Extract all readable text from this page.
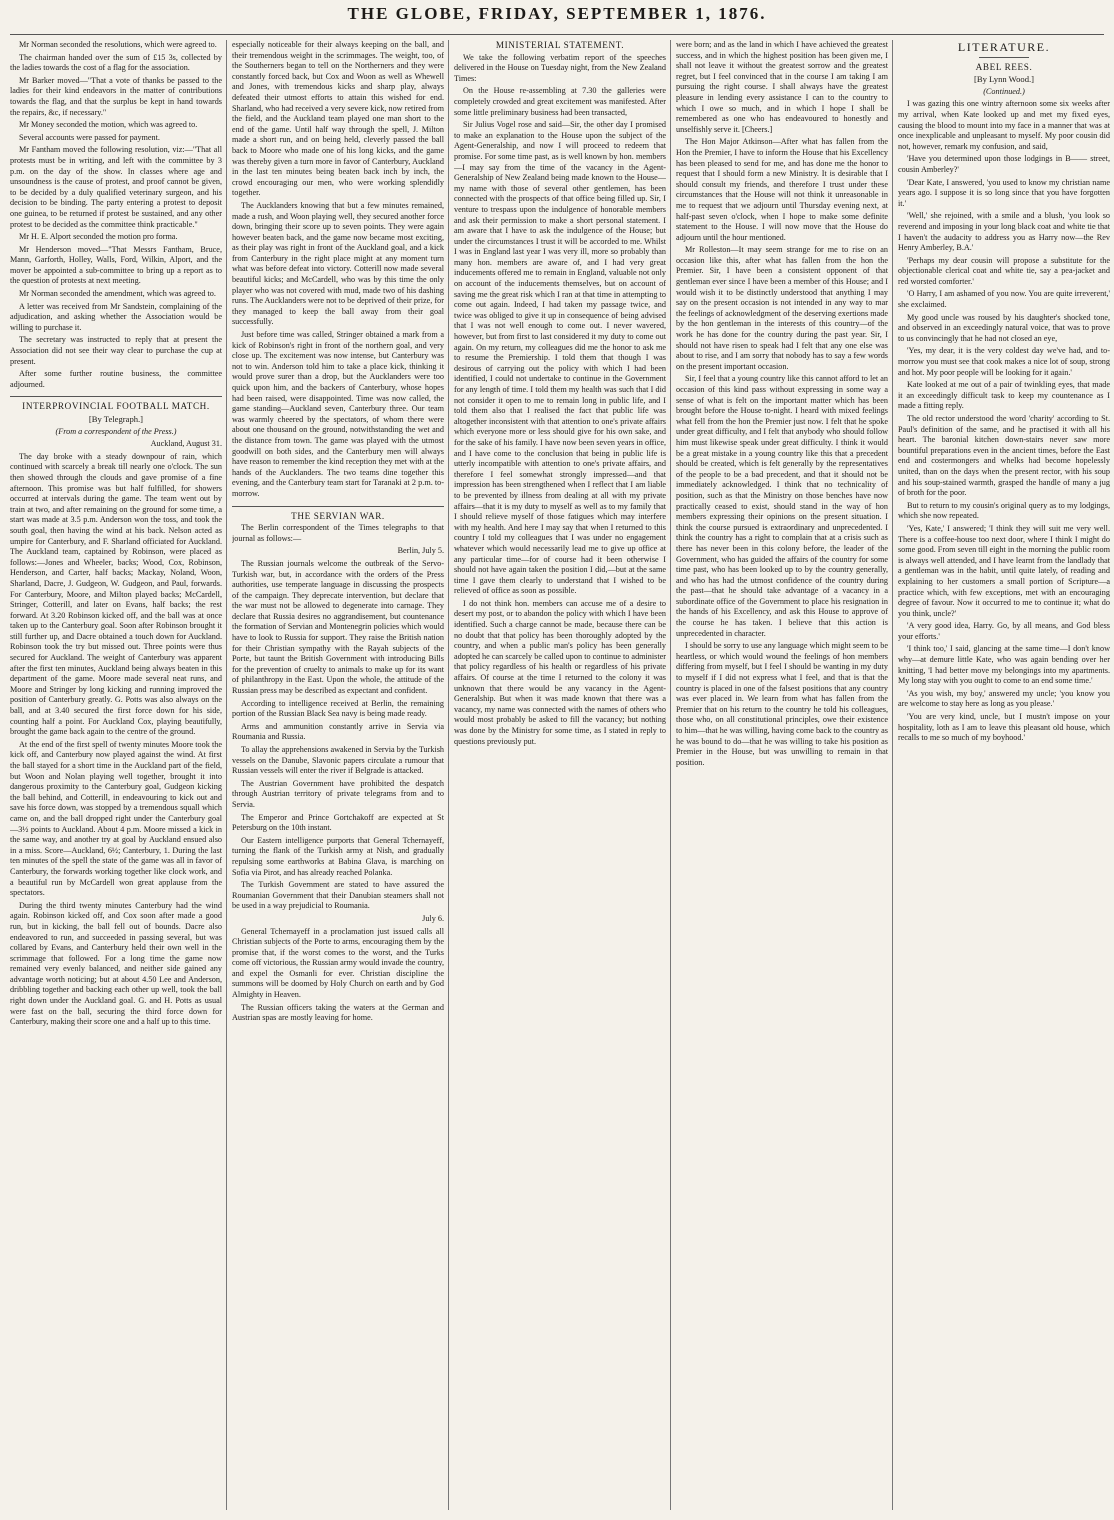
THE GLOBE, FRIDAY, SEPTEMBER 1, 1876.

Mr Norman seconded the resolutions, which were agreed to.

The chairman handed over the sum of £15 3s, collected by the ladies towards the cost of a flag for the association.

Mr Barker moved—"That a vote of thanks be passed to the ladies for their kind endeavors in the matter of contributions towards the flag, and that the surplus be kept in hand towards the repairs, &c, if necessary."

Mr Money seconded the motion, which was agreed to.

Several accounts were passed for payment.

Mr Fantham moved the following resolution, viz:—"That all protests must be in writing, and left with the committee by 3 p.m. on the day of the show. In classes where age and unsoundness is the cause of protest, and proof cannot be given, to be decided by a duly qualified veterinary surgeon, and his decision to be binding. The party entering a protest to deposit one guinea, to be returned if protest be sustained, and any other protest to be decided as the committee think practicable."

Mr H. E. Alport seconded the motion pro forma.

Mr Henderson moved—"That Messrs Fantham, Bruce, Mann, Garforth, Holley, Walls, Ford, Wilkin, Alport, and the mover be appointed a sub-committee to bring up a report as to the question of protests at next meeting.

Mr Norman seconded the amendment, which was agreed to.

A letter was received from Mr Sandstein, complaining of the adjudication, and asking whether the Association would be willing to purchase it.

The secretary was instructed to reply that at present the Association did not see their way clear to purchase the cup at present.

After some further routine business, the committee adjourned.

INTERPROVINCIAL FOOTBALL MATCH.

[By Telegraph.]

(From a correspondent of the Press.)

Auckland, August 31.

The day broke with a steady downpour of rain, which continued with scarcely a break till nearly one o'clock. The sun then showed through the clouds and gave promise of a fine afternoon. This promise was but half fulfilled, for showers occurred at intervals during the game. The team went out by train at two, and after remaining on the ground for some time, a start was made at 3.5 p.m. Anderson won the toss, and took the south goal, then having the wind at his back. Nelson acted as umpire for Canterbury, and F. Sharland officiated for Auckland. The Auckland team, captained by Robinson, were placed as follows:—Jones and Wheeler, backs; Wood, Cox, Robinson, Henderson, and Carter, half backs; Mackay, Noland, Woon, Sharland, Dacre, J. Gudgeon, W. Gudgeon, and Paul, forwards. For Canterbury, Moore, and Milton played backs; McCardell, Stringer, Cotterill, and later on Evans, half backs; the rest forward. At 3.20 Robinson kicked off, and the ball was at once taken up to the Canterbury goal. Soon after Robinson brought it still further up, and Dacre obtained a touch down for Auckland. Robinson took the try but missed out. Three points were thus secured for Auckland. The weight of Canterbury was apparent after the first ten minutes, Auckland being always beaten in this department of the game. Moore made several neat runs, and Moore and Stringer by long kicking and running improved the position of Canterbury greatly. G. Potts was also always on the ball, and at 3.40 secured the first force down for his side, counting half a point. For Auckland Cox, playing beautifully, brought the game back again to the centre of the ground.

At the end of the first spell of twenty minutes Moore took the kick off, and Canterbury now played against the wind. At first the ball stayed for a short time in the Auckland part of the field, but Woon and Nolan playing well together, brought it into dangerous proximity to the Canterbury goal, Gudgeon kicking the ball behind, and Cotterill, in endeavouring to kick out and save his force down, was stopped by a tremendous squall which came on, and the ball dropped right under the Canterbury goal—3½ points to Auckland. About 4 p.m. Moore missed a kick in the same way, and another try at goal by Auckland ensued also in a miss. Score—Auckland, 6½; Canterbury, 1. During the last ten minutes of the spell the state of the game was all in favor of Canterbury, the forwards working together like clock work, and a beautiful run by McCardell won great applause from the spectators.

During the third twenty minutes Canterbury had the wind again. Robinson kicked off, and Cox soon after made a good run, but in kicking, the ball fell out of bounds. Dacre also endeavored to run, and succeeded in passing several, but was collared by Evans, and Canterbury held their own well in the scrimmage that followed. For a long time the game now remained very evenly balanced, and neither side gained any advantage worth noticing; but at about 4.50 Lee and Anderson, dribbling together and backing each other up well, took the ball right down under the Auckland goal. G. and H. Potts as usual were fast on the ball, securing the third force down for Canterbury, making their score one and a half up to this time.

especially noticeable for their always keeping on the ball, and their tremendous weight in the scrimmages. The weight, too, of the Southerners began to tell on the Northerners and they were constantly forced back, but Cox and Woon as well as Whewell and Jones, with tremendous kicks and sharp play, always defeated their utmost efforts to attain this wished for end. Sharland, who had received a very severe kick, now retired from the field, and the Auckland team played one man short to the end of the game. Until half way through the spell, J. Milton made a short run, and on being held, cleverly passed the ball back to Moore who made one of his long kicks, and the game was thereby given a turn more in favor of Canterbury, Auckland in the last ten minutes being beaten back inch by inch, the crowd encouraging our men, who were working splendidly together.

The Aucklanders knowing that but a few minutes remained, made a rush, and Woon playing well, they secured another force down, bringing their score up to seven points. They were again however beaten back, and the game now became most exciting, as their play was right in front of the Auckland goal, and a kick from Canterbury in the right place might at any moment turn what was before defeat into victory. Cotterill now made several beautiful kicks; and McCardell, who was by this time the only player who was not covered with mud, made two of his dashing runs. The Aucklanders were not to be deprived of their prize, for they managed to keep the ball away from their goal successfully.

Just before time was called, Stringer obtained a mark from a kick of Robinson's right in front of the northern goal, and very close up. The excitement was now intense, but Canterbury was not to win. Anderson told him to take a place kick, thinking it would prove surer than a drop, but the Aucklanders were too quick upon him, and the backers of Canterbury, whose hopes had been raised, were disappointed. Time was now called, the game standing—Auckland seven, Canterbury three. Our team was warmly cheered by the spectators, of whom there were about one thousand on the ground, notwithstanding the wet and the distance from town. The game was played with the utmost goodwill on both sides, and the Canterbury men will always have reason to remember the kind reception they met with at the hands of the Aucklanders. The two teams dine together this evening, and the Canterbury team start for Taranaki at 2 p.m. to-morrow.

THE SERVIAN WAR.

The Berlin correspondent of the Times telegraphs to that journal as follows:—

Berlin, July 5.

The Russian journals welcome the outbreak of the Servo-Turkish war, but, in accordance with the orders of the Press authorities, use temperate language in discussing the prospects of the campaign. They deprecate intervention, but declare that the war must not be allowed to degenerate into carnage. They declare that Russia desires no aggrandisement, but countenance the formation of Servian and Montenegrin policies which would have to look to Russia for support. They raise the British nation for their Christian sympathy with the Rayah subjects of the Porte, but taunt the British Government with introducing Bills for the prevention of cruelty to animals to make up for its want of philanthropy in the East. Upon the whole, the attitude of the Russian press may be described as expectant and confident.

According to intelligence received at Berlin, the remaining portion of the Russian Black Sea navy is being made ready.

Arms and ammunition constantly arrive in Servia via Roumania and Russia.

To allay the apprehensions awakened in Servia by the Turkish vessels on the Danube, Slavonic papers circulate a rumour that Russian vessels will enter the river if Belgrade is attacked.

The Austrian Government have prohibited the despatch through Austrian territory of private telegrams from and to Servia.

The Emperor and Prince Gortchakoff are expected at St Petersburg on the 10th instant.

Our Eastern intelligence purports that General Tchernayeff, turning the flank of the Turkish army at Nish, and gradually repulsing some earthworks at Babina Glava, is marching on Sofia via Pirot, and has already reached Polanka.

The Turkish Government are stated to have assured the Roumanian Government that their Danubian steamers shall not be used in a way prejudicial to Roumania.

July 6.

General Tchernayeff in a proclamation just issued calls all Christian subjects of the Porte to arms, encouraging them by the promise that, if the worst comes to the worst, and the Turks come off victorious, the Russian army would invade the country, and expel the Osmanli for ever. Christian discipline the summons will be doomed by Holy Church on earth and by God Almighty in Heaven.

The Russian officers taking the waters at the German and Austrian spas are mostly leaving for home.

MINISTERIAL STATEMENT.

We take the following verbatim report of the speeches delivered in the House on Tuesday night, from the New Zealand Times:

On the House re-assembling at 7.30 the galleries were completely crowded and great excitement was manifested. After some little preliminary business had been transacted,

Sir Julius Vogel rose and said—Sir, the other day I promised to make an explanation to the House upon the subject of the Agent-Generalship, and now I will proceed to redeem that promise. For some time past, as is well known by hon. members—I may say from the time of the vacancy in the Agent-Generalship of New Zealand being made known to the House—my name with those of several other gentlemen, has been connected with the prospects of that office being filled up. Sir, I venture to trespass upon the indulgence of honorable members and ask their permission to make a short personal statement. I am aware that I have to ask the indulgence of the House; but under the circumstances I trust it will be accorded to me. Whilst I was in England last year I was very ill, more so probably than many hon. members are aware of, and I had very great inducements offered me to remain in England, valuable not only on account of the inducements themselves, but on account of saving me the great risk which I ran at that time in attempting to come out again. Indeed, I had taken my passage twice, and twice was obliged to give it up in consequence of being advised that I was not well enough to come out. I never wavered, however, but from first to last considered it my duty to come out again. On my return, my colleagues did me the honor to ask me to resume the Premiership. I told them that though I was desirous of carrying out the policy with which I had been identified, I could not undertake to continue in the Government for any length of time. I told them my health was such that I did not consider it open to me to remain long in public life, and I told them also that I realised the fact that public life was altogether inconsistent with that attention to one's private affairs which everyone more or less should give for his own sake, and for the sake of his family. I have now been seven years in office, and I have come to the conclusion that being in public life is utterly incompatible with attention to one's private affairs, and therefore I feel somewhat strongly impressed—and that impression has been strengthened when I reflect that I am liable to be prevented by illness from dealing at all with my private affairs—that it is my duty to myself as well as to my family that I should relieve myself of those fatigues which may interfere with my health. And here I may say that when I returned to this country I told my colleagues that I was under no engagement whatever which would necessarily lead me to give up office at any particular time—for of course had it been otherwise I should not have again taken the position I did,—but at the same time I gave them clearly to understand that I wished to be relieved of office as soon as possible.

I do not think hon. members can accuse me of a desire to desert my post, or to abandon the policy with which I have been identified. Such a charge cannot be made, because there can be no doubt that that policy has been thoroughly adopted by the country, and when a public man's policy has been generally adopted he can scarcely be called upon to continue to administer that policy regardless of his health or regardless of his private affairs. Of course at the time I returned to the colony it was unknown that there would be any vacancy in the Agent-Generalship. But when it was made known that there was a vacancy, my name was connected with the names of others who would most probably be asked to fill the vacancy; but nothing was done by the Ministry for some time, as I stated in reply to questions previously put.

were born; and as the land in which I have achieved the greatest success, and in which the highest position has been given me, I shall not leave it without the greatest sorrow and the greatest regret, but I feel convinced that in the course I am taking I am pursuing the right course. I shall always have the greatest pleasure in lending every assistance I can to the country to which I owe so much, and in which I hope I shall be remembered as one who has endeavoured to honestly and unselfishly serve it. [Cheers.]

The Hon Major Atkinson—After what has fallen from the Hon the Premier, I have to inform the House that his Excellency has been pleased to send for me, and has done me the honor to request that I should form a new Ministry. It is desirable that I should consult my friends, and therefore I trust under these circumstances that the House will not think it unreasonable in me to request that we adjourn until Thursday evening next, at half-past seven o'clock, when I hope to make some definite statement to the House. I will now move that the House do adjourn until the hour mentioned.

Mr Rolleston—It may seem strange for me to rise on an occasion like this, after what has fallen from the hon the Premier. Sir, I have been a consistent opponent of that gentleman ever since I have been a member of this House; and I would wish it to be distinctly understood that anything I may say on the present occasion is not intended in any way to mar the feelings of acknowledgment of the deserving exertions made by the hon gentleman in the interests of this country—of the work he has done for the country during the past year. Sir, I should not have risen to speak had I felt that any one else was about to rise, and I am sorry that nobody has to say a few words on the present important occasion.

Sir, I feel that a young country like this cannot afford to let an occasion of this kind pass without expressing in some way a sense of what is felt on the important matter which has been brought before the House to-night. I heard with mixed feelings what fell from the hon the Premier just now. I felt that he spoke under great difficulty, and I felt that anybody who should follow him must likewise speak under great difficulty. I think it would be a great mistake in a young country like this that a precedent should be created, which is felt generally by the representatives of the people to be a bad precedent, and that it should not be immediately acknowledged. I think that no technicality of position, such as that the Ministry on those benches have now practically ceased to exist, should stand in the way of hon members expressing their opinions on the present situation. I think the course pursued is extraordinary and unprecedented. I think the country has a right to complain that at a crisis such as there has never been in this colony before, the leader of the Government, who has guided the affairs of the country for some time past, who has been looked up to by the country generally, and who has had the utmost confidence of the country during the past—that he should take advantage of a vacancy in a subordinate office of the Government to place his resignation in the hands of his Excellency, and ask this House to approve of the course he has taken. I believe that this action is unprecedented in character.

I should be sorry to use any language which might seem to be heartless, or which would wound the feelings of hon members differing from myself, but I feel I should be wanting in my duty to myself if I did not express what I feel, and that is that the country is placed in one of the falsest positions that any country was ever placed in. We learn from what has fallen from the Premier that on his return to the country he told his colleagues, those who, on all constitutional principles, owe their existence to him—that he was willing, having come back to the country as he was bound to do—that he was willing to take his position as Premier in the House, but was unwilling to remain in that position.

LITERATURE.

ABEL REES.

[By Lynn Wood.]

(Continued.)

I was gazing this one wintry afternoon some six weeks after my arrival, when Kate looked up and met my fixed eyes, causing the blood to mount into my face in a manner that was at once inexplicable and unpleasant to myself. My poor cousin did not, however, remark my confusion, and said,

'Have you determined upon those lodgings in B—— street, cousin Amberley?'

'Dear Kate, I answered, 'you used to know my christian name years ago. I suppose it is so long since that you have forgotten it.'

'Well,' she rejoined, with a smile and a blush, 'you look so reverend and imposing in your long black coat and white tie that I haven't the audacity to address you as Harry now—the Rev Henry Amberley, B.A.'

'Perhaps my dear cousin will propose a substitute for the objectionable clerical coat and white tie, say a pea-jacket and red worsted comforter.'

'O Harry, I am ashamed of you now. You are quite irreverent,' she exclaimed.

My good uncle was roused by his daughter's shocked tone, and observed in an exceedingly natural voice, that was to prove to us convincingly that he had not closed an eye,

'Yes, my dear, it is the very coldest day we've had, and to-morrow you must see that cook makes a nice lot of soup, strong and hot. My poor people will be looking for it again.'

Kate looked at me out of a pair of twinkling eyes, that made it an exceedingly difficult task to keep my countenance as I made a fitting reply.

The old rector understood the word 'charity' according to St. Paul's definition of the same, and he practised it with all his heart. The baronial kitchen down-stairs never saw more bountiful preparations even in the ancient times, before the East end and costermongers and whelks had become hopelessly united, than on the days when the present rector, with his soup and his soup-stained warmth, grasped the handle of many a jug of broth for the poor.

But to return to my cousin's original query as to my lodgings, which she now repeated.

'Yes, Kate,' I answered; 'I think they will suit me very well. There is a coffee-house too next door, where I think I might do some good. From seven till eight in the morning the public room is always well attended, and I have learnt from the landlady that a gentleman was in the habit, until quite lately, of reading and explaining to her customers a small portion of Scripture—a practice which, with few exceptions, met with an encouraging degree of favour. Now it occurred to me to continue it; what do you think, uncle?'

'A very good idea, Harry. Go, by all means, and God bless your efforts.'

'I think too,' I said, glancing at the same time—I don't know why—at demure little Kate, who was again bending over her knitting, 'I had better move my belongings into my apartments. My long stay with you ought to come to an end some time.'

'As you wish, my boy,' answered my uncle; 'you know you are welcome to stay here as long as you please.'

'You are very kind, uncle, but I mustn't impose on your hospitality, loth as I am to leave this pleasant old house, which recalls to me so much of my boyhood.'
